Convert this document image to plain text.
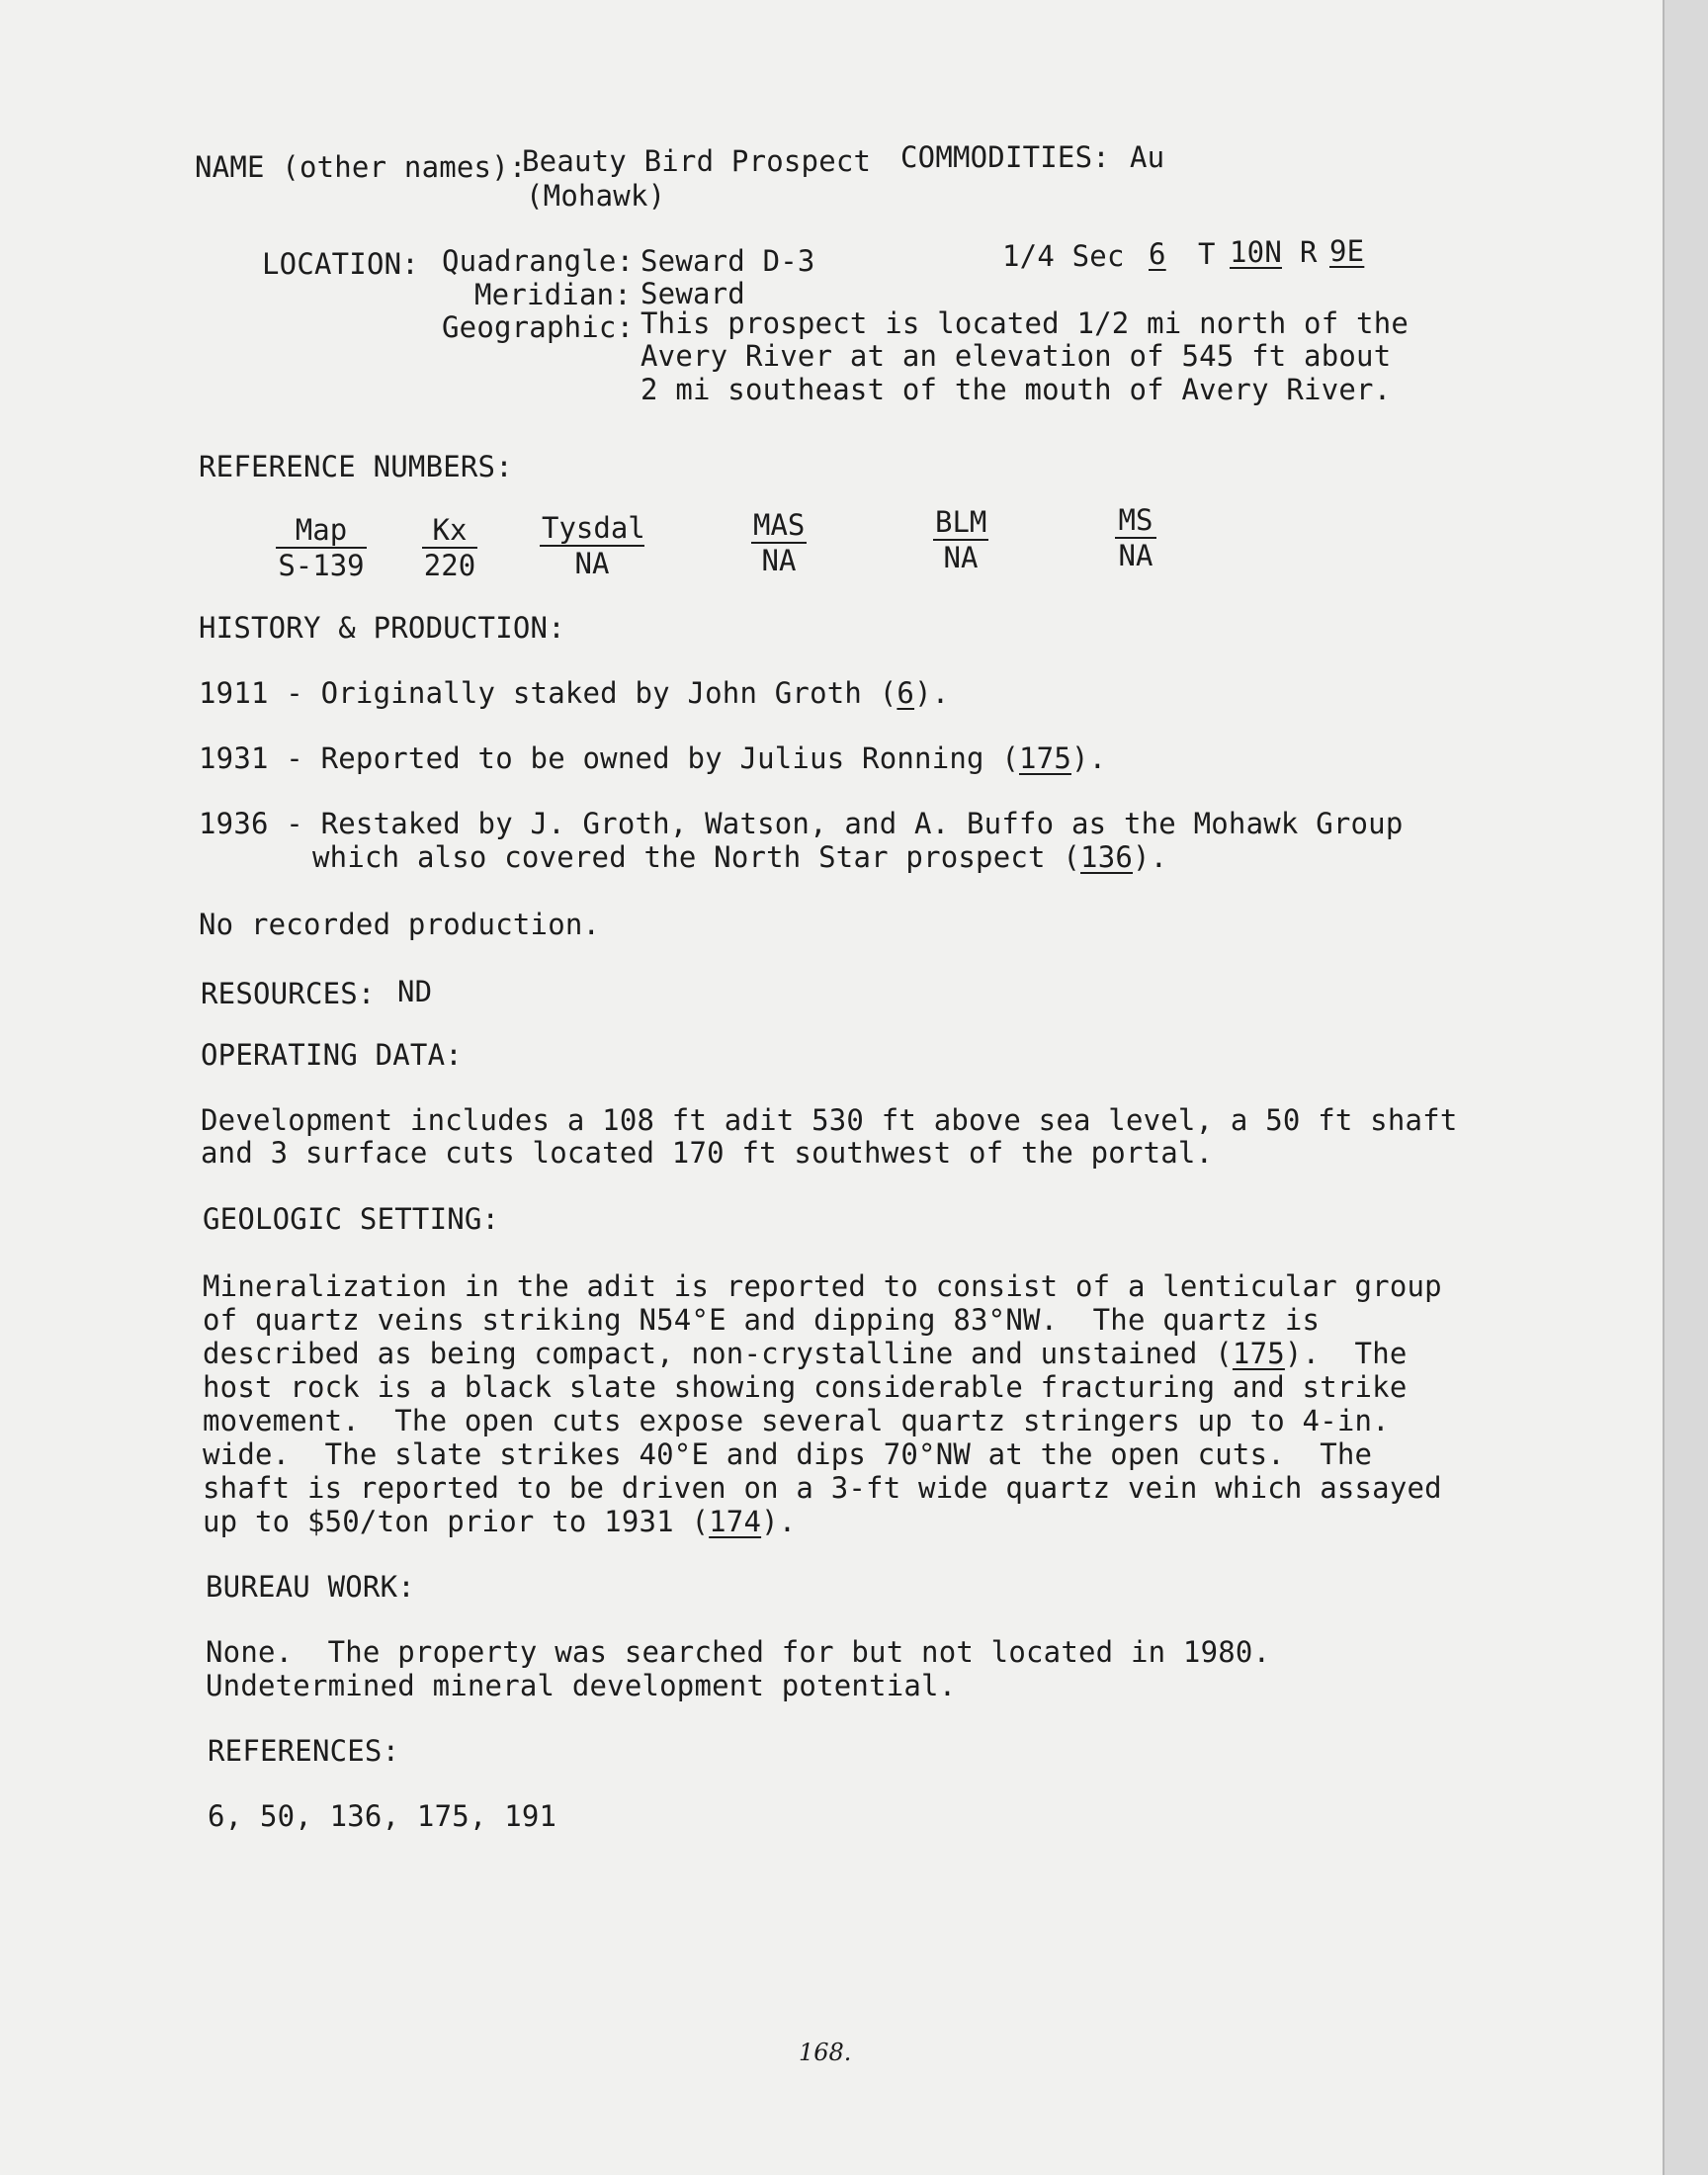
NAME (other names):
Beauty Bird Prospect
(Mohawk)
COMMODITIES: Au
LOCATION: Quadrangle: Seward D-3	1/4 Sec 6 T 10N R 9E
Meridian: Seward
Geographic: This prospect is located 1/2 mi north of the
Avery River at an elevation of 545 ft about
2 mi southeast of the mouth of Avery River.
REFERENCE NUMBERS:
Map
$S-139 \frac{Kx}{220}$ Tysdal
NA
MAS
NA
BLM
NA	$\frac{MS}{NA}$
HISTORY & PRODUCTION:
1911 - Originally staked by John Groth (6).
1931 - Reported to be owned by Julius Ronning (175).
1936 - Restaked by J. Groth, Watson, and A. Buffo as the Mohawk Group
which also covered the North Star prospect (136).
No recorded production.
RESOURCES: ND
OPERATING DATA:
Development includes a 108 ft adit 530 ft above sea level, a 50 ft shaft
and 3 surface cuts located 170 ft southwest of the portal.
GEOLOGIC SETTING:
Mineralization in the adit is reported to consist of a lenticular group
of quartz veins striking N54°E and dipping 83°NW.  The quartz is
described as being compact, non-crystalline and unstained (175).  The
host rock is a black slate showing considerable fracturing and strike
movement.  The open cuts expose several quartz stringers up to 4-in.
wide.  The slate strikes 40°E and dips 70°NW at the open cuts.  The
shaft is reported to be driven on a 3-ft wide quartz vein which assayed
up to $50/ton prior to 1931 (174).
BUREAU WORK:
None.  The property was searched for but not located in 1980.
Undetermined mineral development potential.
REFERENCES:
6, 50, 136, 175, 191
168.
